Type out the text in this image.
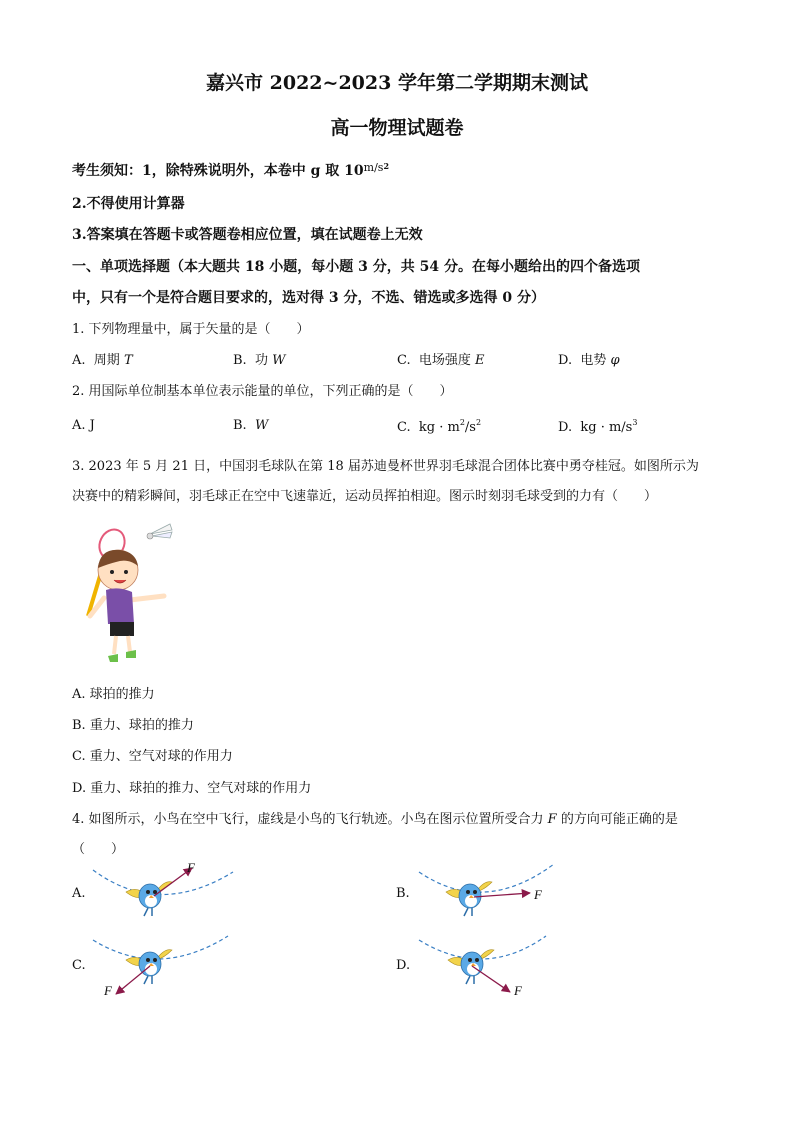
嘉兴市 2022~2023 学年第二学期期末测试
高一物理试题卷
考生须知：1，除特殊说明外，本卷中 g 取 $10^{m/s2}$
2.不得使用计算器
3.答案填在答题卡或答题卷相应位置，填在试题卷上无效
一、单项选择题（本大题共 18 小题，每小题 3 分，共 54 分。在每小题给出的四个备选项
中，只有一个是符合题目要求的，选对得 3 分，不选、错选或多选得 0 分）
1. 下列物理量中，属于矢量的是（　　）
A. 周期 T	B. 功 W	C. 电场强度 E	D. 电势 φ
2. 用国际单位制基本单位表示能量的单位，下列正确的是（　　）
A. J	B. W	C. kg · $m^2/s^2$	D. kg · $m/s^3$
3. 2023 年 5 月 21 日，中国羽毛球队在第 18 届苏迪曼杯世界羽毛球混合团体比赛中勇夺桂冠。如图所示为
决赛中的精彩瞬间，羽毛球正在空中飞速靠近，运动员挥拍相迎。图示时刻羽毛球受到的力有（　　）
A. 球拍的推力
B. 重力、球拍的推力
C. 重力、空气对球的作用力
D. 重力、球拍的推力、空气对球的作用力
4. 如图所示，小鸟在空中飞行，虚线是小鸟的飞行轨迹。小鸟在图示位置所受合力 F 的方向可能正确的是
（　　）
A.	B.
C.	D.
F
F
F	F
